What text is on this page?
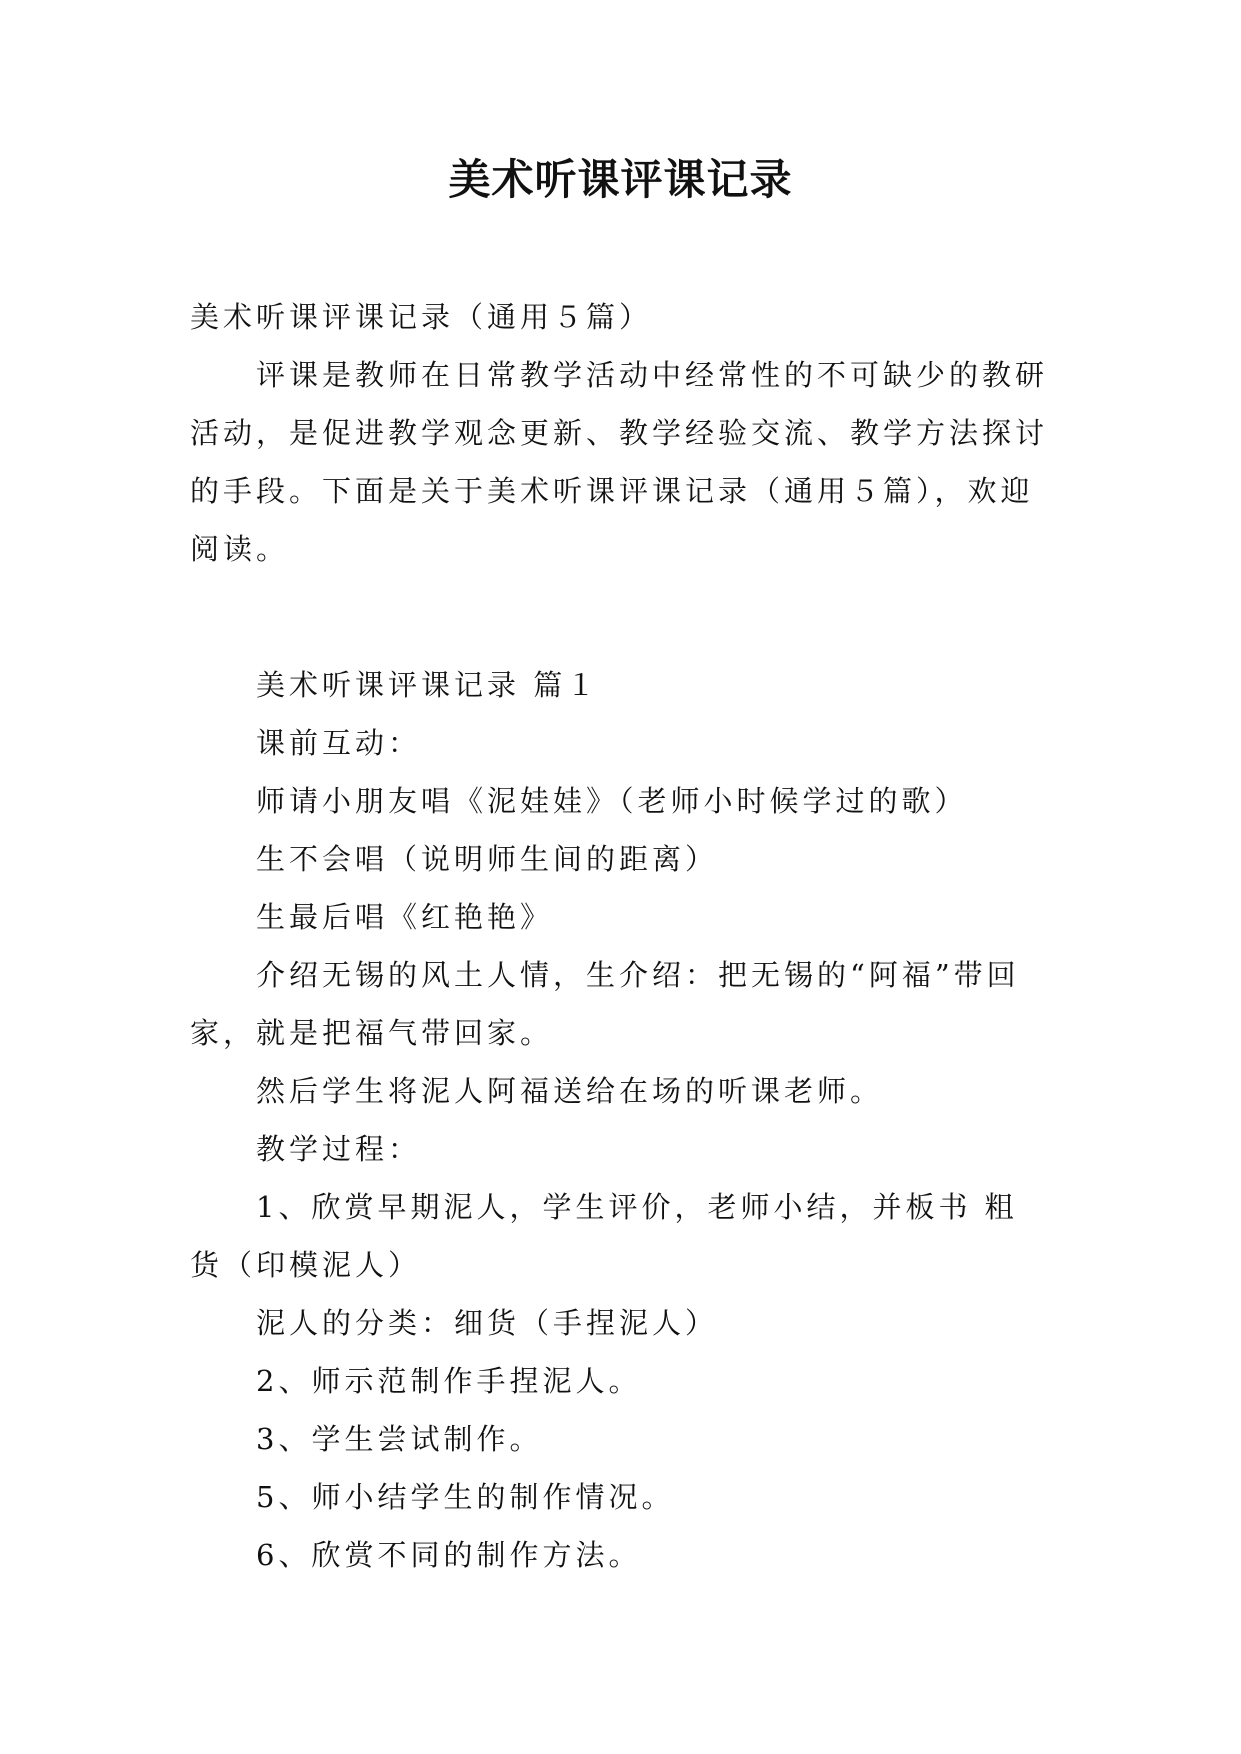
美术听课评课记录

美术听课评课记录（通用５篇）

评课是教师在日常教学活动中经常性的不可缺少的教研活动，是促进教学观念更新、教学经验交流、教学方法探讨的手段。下面是关于美术听课评课记录（通用５篇），欢迎阅读。

美术听课评课记录 篇１

课前互动：

师请小朋友唱《泥娃娃》（老师小时候学过的歌）

生不会唱（说明师生间的距离）

生最后唱《红艳艳》

介绍无锡的风土人情，生介绍：把无锡的“阿福”带回家，就是把福气带回家。

然后学生将泥人阿福送给在场的听课老师。

教学过程：

1、欣赏早期泥人，学生评价，老师小结，并板书 粗货（印模泥人）

泥人的分类：细货（手捏泥人）

2、师示范制作手捏泥人。

3、学生尝试制作。

5、师小结学生的制作情况。

6、欣赏不同的制作方法。
